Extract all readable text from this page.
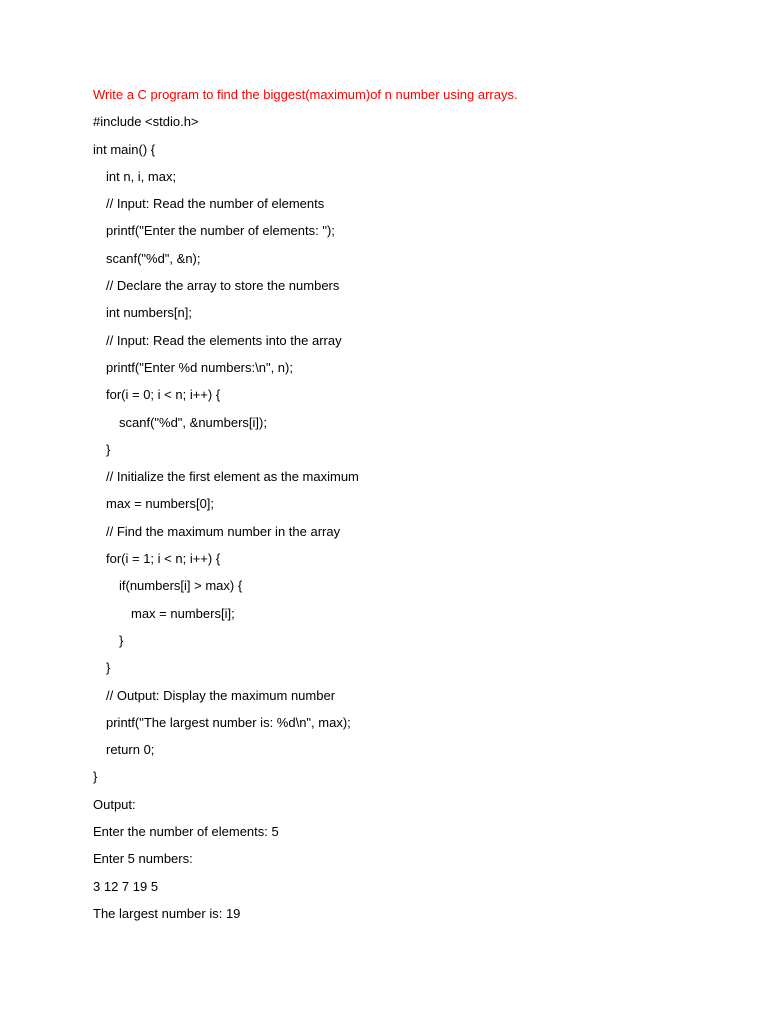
Write a C program to find the biggest(maximum)of n number using arrays.
#include <stdio.h>
int main() {
int n, i, max;
// Input: Read the number of elements
printf("Enter the number of elements: ");
scanf("%d", &n);
// Declare the array to store the numbers
int numbers[n];
// Input: Read the elements into the array
printf("Enter %d numbers:\n", n);
for(i = 0; i < n; i++) {
scanf("%d", &numbers[i]);
}
// Initialize the first element as the maximum
max = numbers[0];
// Find the maximum number in the array
for(i = 1; i < n; i++) {
if(numbers[i] > max) {
max = numbers[i];
}
}
// Output: Display the maximum number
printf("The largest number is: %d\n", max);
return 0;
}
Output:
Enter the number of elements: 5
Enter 5 numbers:
3 12 7 19 5
The largest number is: 19
